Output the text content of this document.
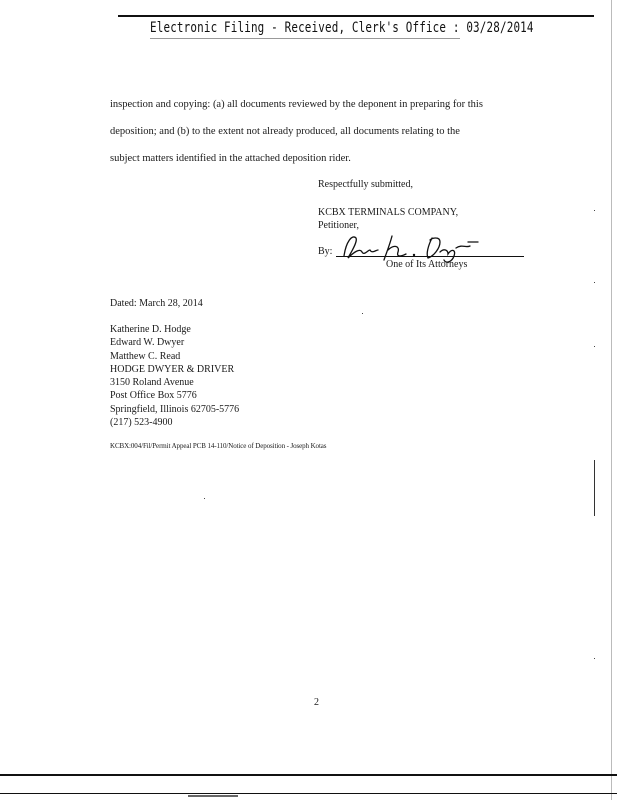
Electronic Filing - Received, Clerk's Office : 03/28/2014
inspection and copying: (a) all documents reviewed by the deponent in preparing for this
deposition; and (b) to the extent not already produced, all documents relating to the
subject matters identified in the attached deposition rider.
Respectfully submitted,
KCBX TERMINALS COMPANY,
Petitioner,
By:
One of Its Attorneys
Dated: March 28, 2014
Katherine D. Hodge
Edward W. Dwyer
Matthew C. Read
HODGE DWYER & DRIVER
3150 Roland Avenue
Post Office Box 5776
Springfield, Illinois 62705-5776
(217) 523-4900
KCBX:004/Fil/Permit Appeal PCB 14-110/Notice of Deposition - Joseph Kotas
2
